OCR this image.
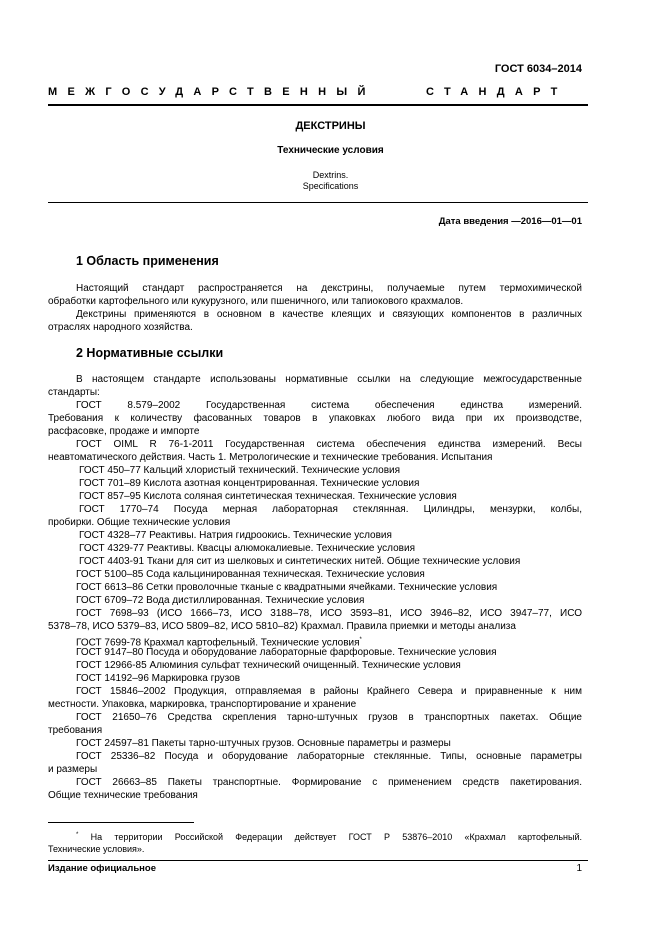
ГОСТ 6034–2014
МЕЖГОСУДАРСТВЕННЫЙ	СТАНДАРТ
ДЕКСТРИНЫ
Технические условия
Dextrins.
Specifications
Дата введения —2016—01—01
1 Область применения
Настоящий стандарт распространяется на декстрины, получаемые путем термохимической
обработки картофельного или кукурузного, или пшеничного, или тапиокового крахмалов.
Декстрины применяются в основном в качестве клеящих и связующих компонентов в различных
отраслях народного хозяйства.
2 Нормативные ссылки
В настоящем стандарте использованы нормативные ссылки на следующие межгосударственные
стандарты:
ГОСТ 8.579–2002 Государственная система обеспечения единства измерений.
Требования к количеству фасованных товаров в упаковках любого вида при их производстве,
расфасовке, продаже и импорте
ГОСТ OIML R 76-1-2011 Государственная система обеспечения единства измерений. Весы
неавтоматического действия. Часть 1. Метрологические и технические требования. Испытания
ГОСТ 450–77 Кальций хлористый технический. Технические условия
ГОСТ 701–89 Кислота азотная концентрированная. Технические условия
ГОСТ 857–95 Кислота соляная синтетическая техническая. Технические условия
ГОСТ 1770–74 Посуда мерная лабораторная стеклянная. Цилиндры, мензурки, колбы,
пробирки. Общие технические условия
ГОСТ 4328–77 Реактивы. Натрия гидроокись. Технические условия
ГОСТ 4329-77 Реактивы. Квасцы алюмокалиевые. Технические условия
ГОСТ 4403-91 Ткани для сит из шелковых и синтетических нитей. Общие технические условия
ГОСТ 5100–85 Сода кальцинированная техническая. Технические условия
ГОСТ 6613–86 Сетки проволочные тканые с квадратными ячейками. Технические условия
ГОСТ 6709–72 Вода дистиллированная. Технические условия
ГОСТ 7698–93 (ИСО 1666–73, ИСО 3188–78, ИСО 3593–81, ИСО 3946–82, ИСО 3947–77, ИСО
5378–78, ИСО 5379–83, ИСО 5809–82, ИСО 5810–82) Крахмал. Правила приемки и методы анализа
ГОСТ 7699-78 Крахмал картофельный. Технические условия*
ГОСТ 9147–80 Посуда и оборудование лабораторные фарфоровые. Технические условия
ГОСТ 12966-85 Алюминия сульфат технический очищенный. Технические условия
ГОСТ 14192–96 Маркировка грузов
ГОСТ 15846–2002 Продукция, отправляемая в районы Крайнего Севера и приравненные к ним
местности. Упаковка, маркировка, транспортирование и хранение
ГОСТ 21650–76 Средства скрепления тарно-штучных грузов в транспортных пакетах. Общие
требования
ГОСТ 24597–81 Пакеты тарно-штучных грузов. Основные параметры и размеры
ГОСТ 25336–82 Посуда и оборудование лабораторные стеклянные. Типы, основные параметры
и размеры
ГОСТ 26663–85 Пакеты транспортные. Формирование с применением средств пакетирования.
Общие технические требования
* На территории Российской Федерации действует ГОСТ Р 53876–2010 «Крахмал картофельный.
Технические условия».
Издание официальное	1
